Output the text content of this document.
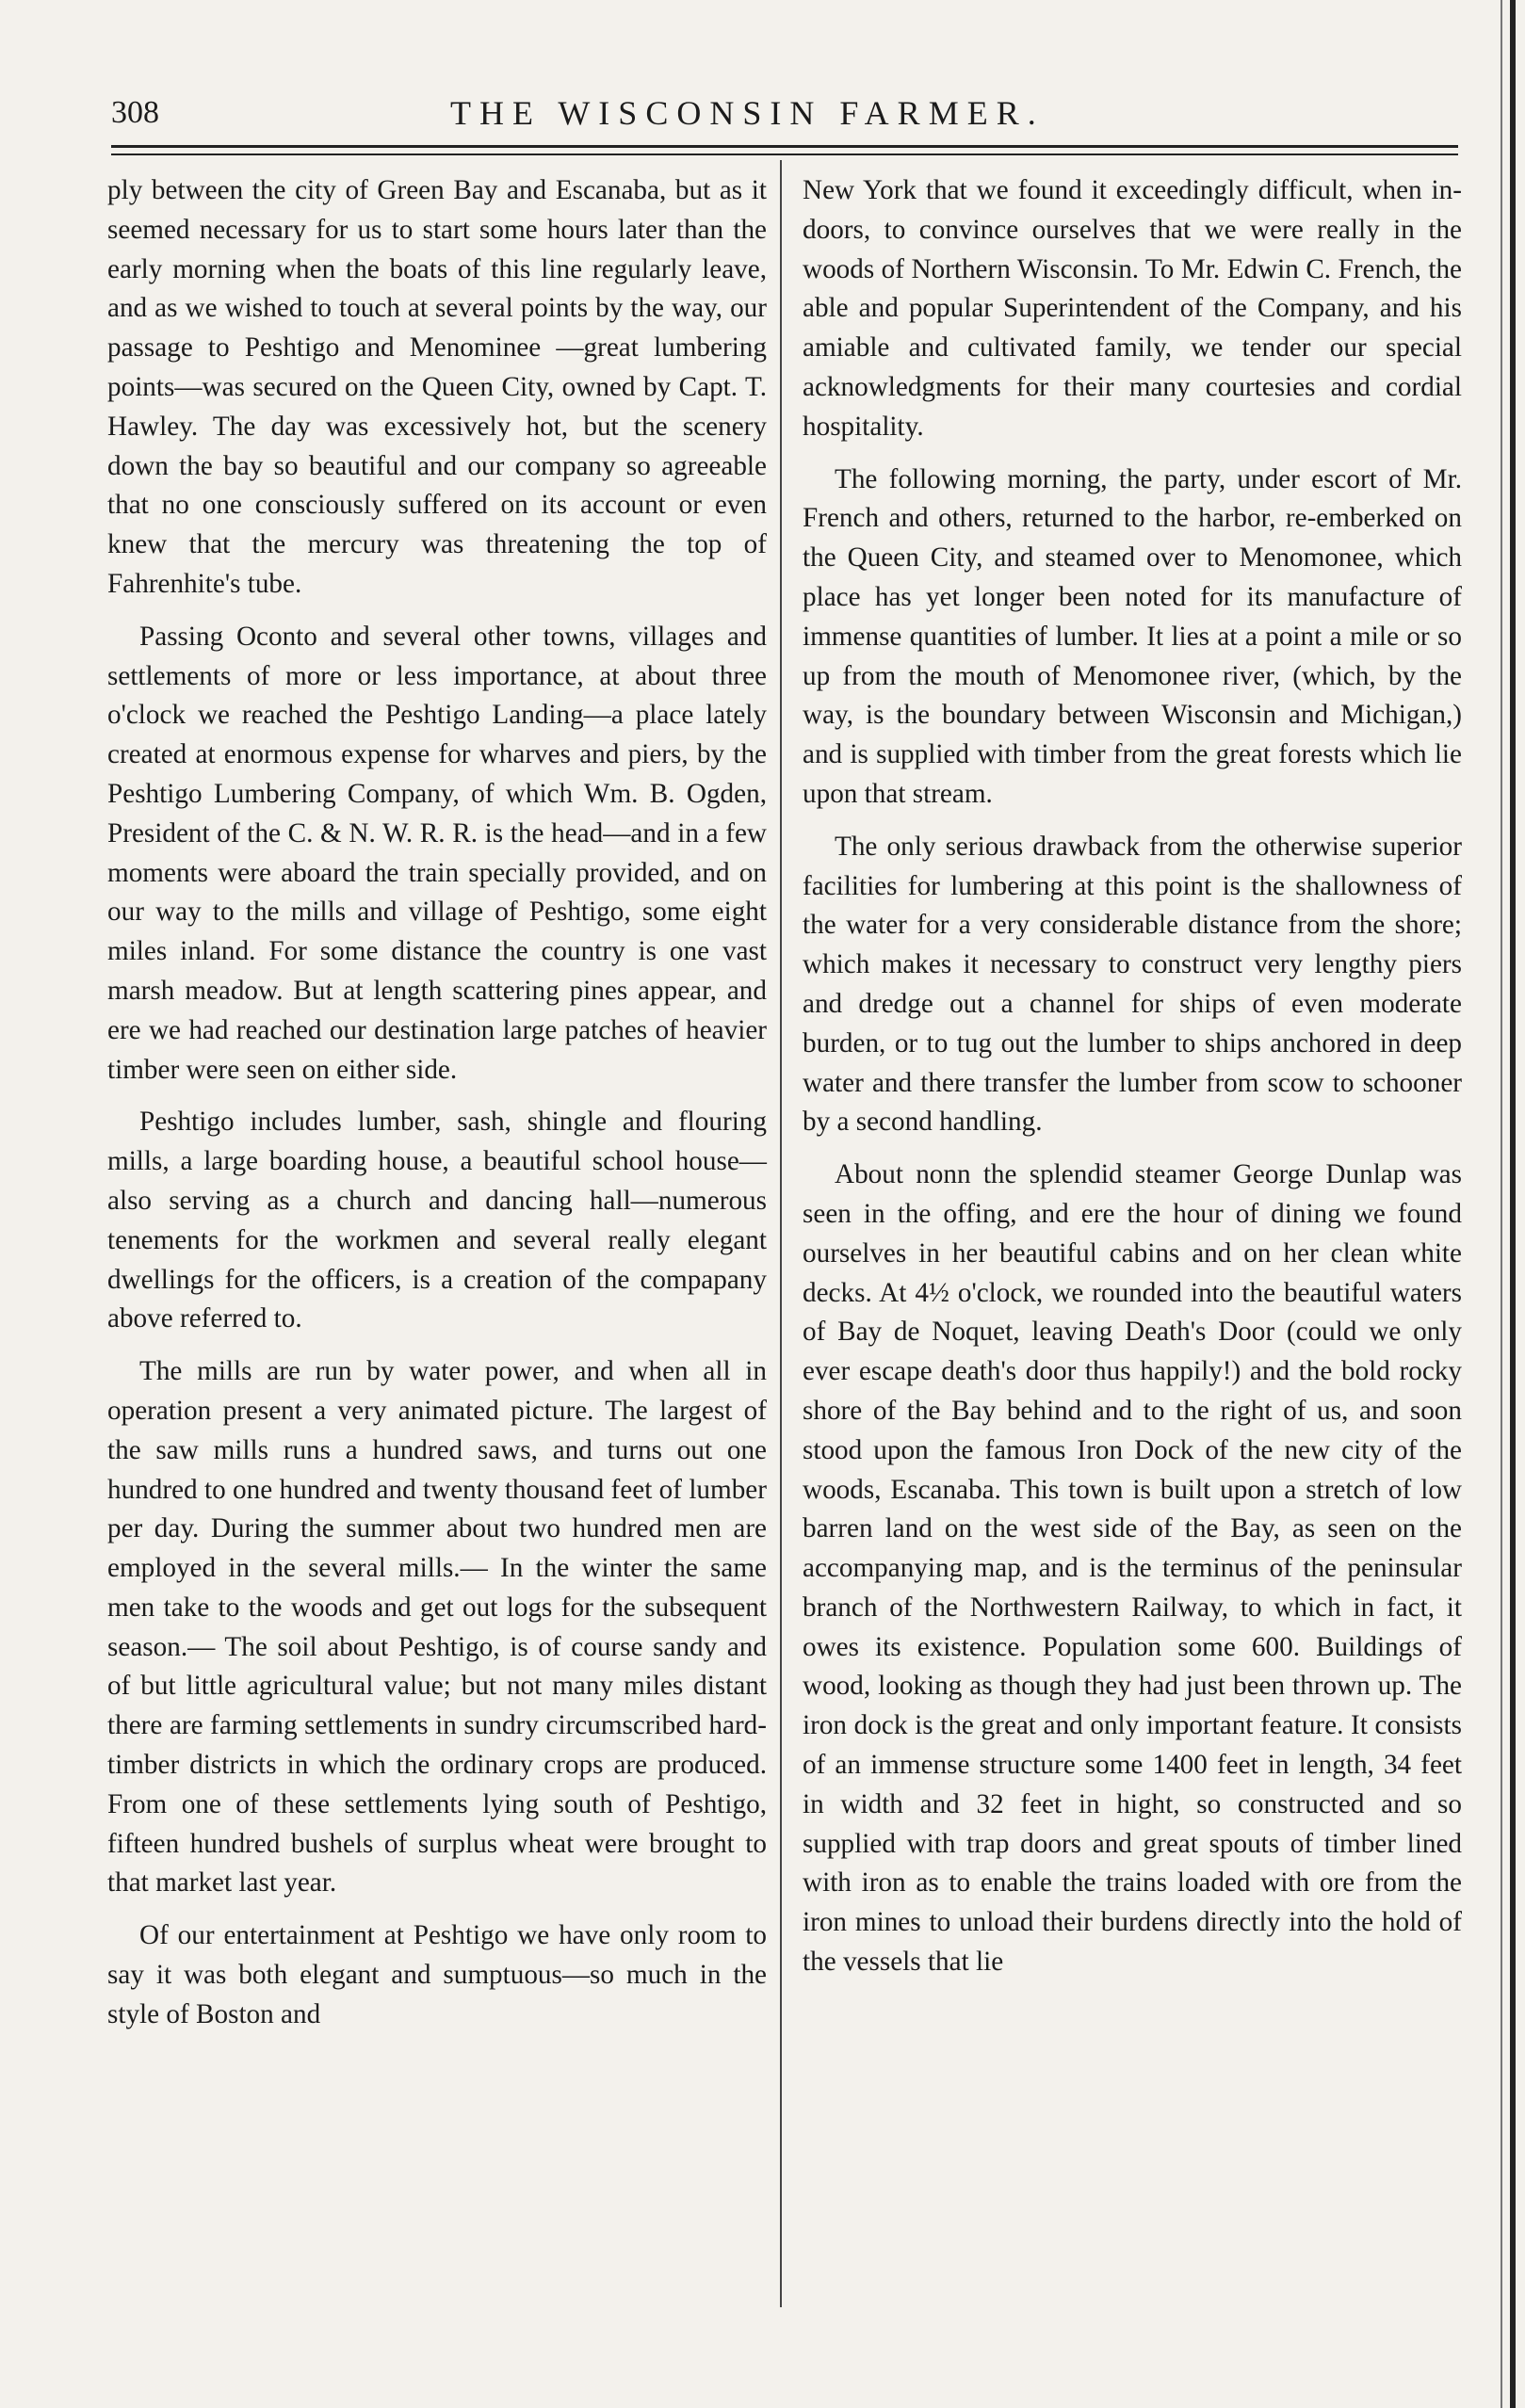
308	THE WISCONSIN FARMER.

ply between the city of Green Bay and Escanaba, but as it seemed necessary for us to start some hours later than the early morning when the boats of this line regularly leave, and as we wished to touch at several points by the way, our passage to Peshtigo and Menominee —great lumbering points—was secured on the Queen City, owned by Capt. T. Hawley. The day was excessively hot, but the scenery down the bay so beautiful and our company so agreeable that no one consciously suffered on its account or even knew that the mercury was threatening the top of Fahrenhite's tube.

Passing Oconto and several other towns, villages and settlements of more or less importance, at about three o'clock we reached the Peshtigo Landing—a place lately created at enormous expense for wharves and piers, by the Peshtigo Lumbering Company, of which Wm. B. Ogden, President of the C. & N. W. R. R. is the head—and in a few moments were aboard the train specially provided, and on our way to the mills and village of Peshtigo, some eight miles inland. For some distance the country is one vast marsh meadow. But at length scattering pines appear, and ere we had reached our destination large patches of heavier timber were seen on either side.

Peshtigo includes lumber, sash, shingle and flouring mills, a large boarding house, a beautiful school house—also serving as a church and dancing hall—numerous tenements for the workmen and several really elegant dwellings for the officers, is a creation of the compapany above referred to.

The mills are run by water power, and when all in operation present a very animated picture. The largest of the saw mills runs a hundred saws, and turns out one hundred to one hundred and twenty thousand feet of lumber per day. During the summer about two hundred men are employed in the several mills.— In the winter the same men take to the woods and get out logs for the subsequent season.— The soil about Peshtigo, is of course sandy and of but little agricultural value; but not many miles distant there are farming settlements in sundry circumscribed hard-timber districts in which the ordinary crops are produced. From one of these settlements lying south of Peshtigo, fifteen hundred bushels of surplus wheat were brought to that market last year.

Of our entertainment at Peshtigo we have only room to say it was both elegant and sumptuous—so much in the style of Boston and

New York that we found it exceedingly difficult, when in-doors, to convince ourselves that we were really in the woods of Northern Wisconsin. To Mr. Edwin C. French, the able and popular Superintendent of the Company, and his amiable and cultivated family, we tender our special acknowledgments for their many courtesies and cordial hospitality.

The following morning, the party, under escort of Mr. French and others, returned to the harbor, re-emberked on the Queen City, and steamed over to Menomonee, which place has yet longer been noted for its manufacture of immense quantities of lumber. It lies at a point a mile or so up from the mouth of Menomonee river, (which, by the way, is the boundary between Wisconsin and Michigan,) and is supplied with timber from the great forests which lie upon that stream.

The only serious drawback from the otherwise superior facilities for lumbering at this point is the shallowness of the water for a very considerable distance from the shore; which makes it necessary to construct very lengthy piers and dredge out a channel for ships of even moderate burden, or to tug out the lumber to ships anchored in deep water and there transfer the lumber from scow to schooner by a second handling.

About nonn the splendid steamer George Dunlap was seen in the offing, and ere the hour of dining we found ourselves in her beautiful cabins and on her clean white decks. At 4½ o'clock, we rounded into the beautiful waters of Bay de Noquet, leaving Death's Door (could we only ever escape death's door thus happily!) and the bold rocky shore of the Bay behind and to the right of us, and soon stood upon the famous Iron Dock of the new city of the woods, Escanaba. This town is built upon a stretch of low barren land on the west side of the Bay, as seen on the accompanying map, and is the terminus of the peninsular branch of the Northwestern Railway, to which in fact, it owes its existence. Population some 600. Buildings of wood, looking as though they had just been thrown up. The iron dock is the great and only important feature. It consists of an immense structure some 1400 feet in length, 34 feet in width and 32 feet in hight, so constructed and so supplied with trap doors and great spouts of timber lined with iron as to enable the trains loaded with ore from the iron mines to unload their burdens directly into the hold of the vessels that lie
